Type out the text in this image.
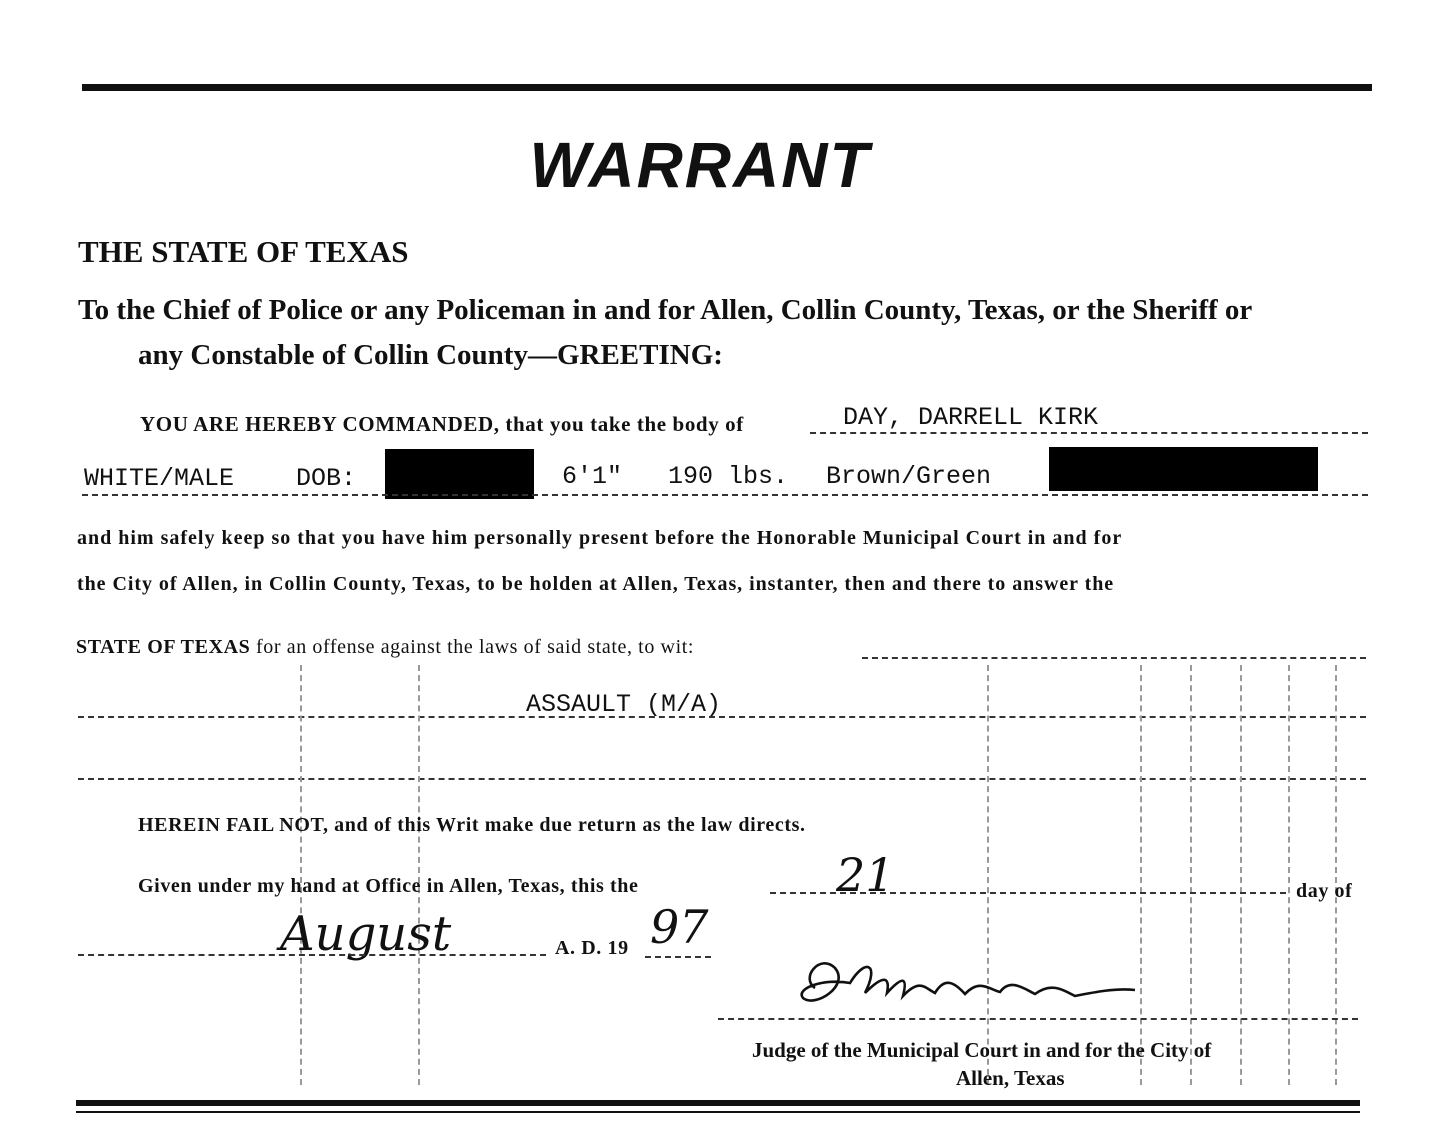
WARRANT
THE STATE OF TEXAS
To the Chief of Police or any Policeman in and for Allen, Collin County, Texas, or the Sheriff or
any Constable of Collin County—GREETING:
YOU ARE HEREBY COMMANDED, that you take the body of	DAY, DARRELL KIRK
WHITE/MALE DOB:	6'1" 190 lbs. Brown/Green
and him safely keep so that you have him personally present before the Honorable Municipal Court in and for
the City of Allen, in Collin County, Texas, to be holden at Allen, Texas, instanter, then and there to answer the
STATE OF TEXAS for an offense against the laws of said state, to wit:
ASSAULT (M/A)
HEREIN FAIL NOT, and of this Writ make due return as the law directs.
Given under my hand at Office in Allen, Texas, this the	21	day of
August	A. D. 19 97
Judge of the Municipal Court in and for the City of
Allen, Texas
